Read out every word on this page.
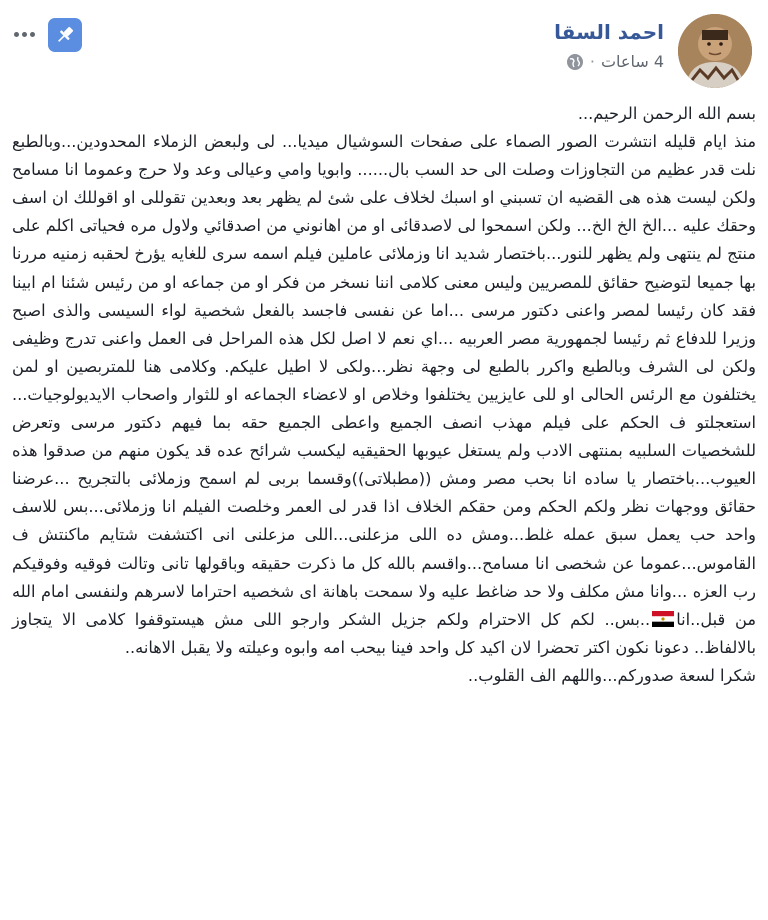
احمد السقا
4 ساعات
·

بسم الله الرحمن الرحيم...

منذ ايام قليله انتشرت الصور الصماء على صفحات السوشيال ميديا... لى ولبعض الزملاء المحدودين...وبالطبع نلت قدر عظيم من التجاوزات وصلت الى حد السب بال...... وابويا وامي وعيالى وعد ولا حرج وعموما انا مسامح ولكن ليست هذه هى القضيه ان تسبني او اسبك لخلاف على شئ لم يظهر بعد وبعدين تقوللى او اقوللك ان اسف وحقك عليه ...الخ الخ الخ... ولكن اسمحوا لى لاصدقائى او من اهانوني من اصدقائي ولاول مره فحياتى اكلم على منتج لم ينتهى ولم يظهر للنور...باختصار شديد انا وزملائى عاملين فيلم اسمه سرى للغايه يؤرخ لحقبه زمنيه مررنا بها جميعا لتوضيح حقائق للمصريين وليس معنى كلامى اننا نسخر من فكر او من جماعه او من رئيس شئنا ام ابينا فقد كان رئيسا لمصر واعنى دكتور مرسى ...اما عن نفسى فاجسد بالفعل شخصية لواء السيسى والذى اصبح وزيرا للدفاع ثم رئيسا لجمهورية مصر العربيه ...اي نعم لا اصل لكل هذه المراحل فى العمل واعنى تدرج وظيفى ولكن لى الشرف وبالطبع واكرر بالطبع لى وجهة نظر...ولكى لا اطيل عليكم. وكلامى هنا للمتربصين او لمن يختلفون مع الرئس الحالى او للى عايزيين يختلفوا وخلاص او لاعضاء الجماعه او للثوار واصحاب الايديولوجيات... استعجلتو ف الحكم على فيلم مهذب انصف الجميع واعطى الجميع حقه بما فيهم دكتور مرسى وتعرض للشخصيات السلبيه بمنتهى الادب ولم يستغل عيوبها الحقيقيه ليكسب شرائح عده قد يكون منهم من صدقوا هذه العيوب...باختصار يا ساده انا بحب مصر ومش ((مطبلاتى))وقسما بربى لم اسمح وزملائى بالتجريح ...عرضنا حقائق ووجهات نظر ولكم الحكم ومن حقكم الخلاف اذا قدر لى العمر وخلصت الفيلم انا وزملائى...بس للاسف واحد حب يعمل سبق عمله غلط...ومش ده اللى مزعلنى...اللى مزعلنى انى اكتشفت شتايم ماكنتش ف القاموس...عموما عن شخصى انا مسامح...واقسم بالله كل ما ذكرت حقيقه وباقولها تانى وتالت فوقيه وفوقيكم رب العزه ...وانا مش مكلف ولا حد ضاغط عليه ولا سمحت باهانة اى شخصيه احتراما لاسرهم ولنفسى امام الله من قبل..انا..بس.. لكم كل الاحترام ولكم جزيل الشكر وارجو اللى مش هيستوقفوا كلامى الا يتجاوز بالالفاظ.. دعونا نكون اكتر تحضرا لان اكيد كل واحد فينا بيحب امه وابوه وعيلته ولا يقبل الاهانه..

شكرا لسعة صدوركم...واللهم الف القلوب..
